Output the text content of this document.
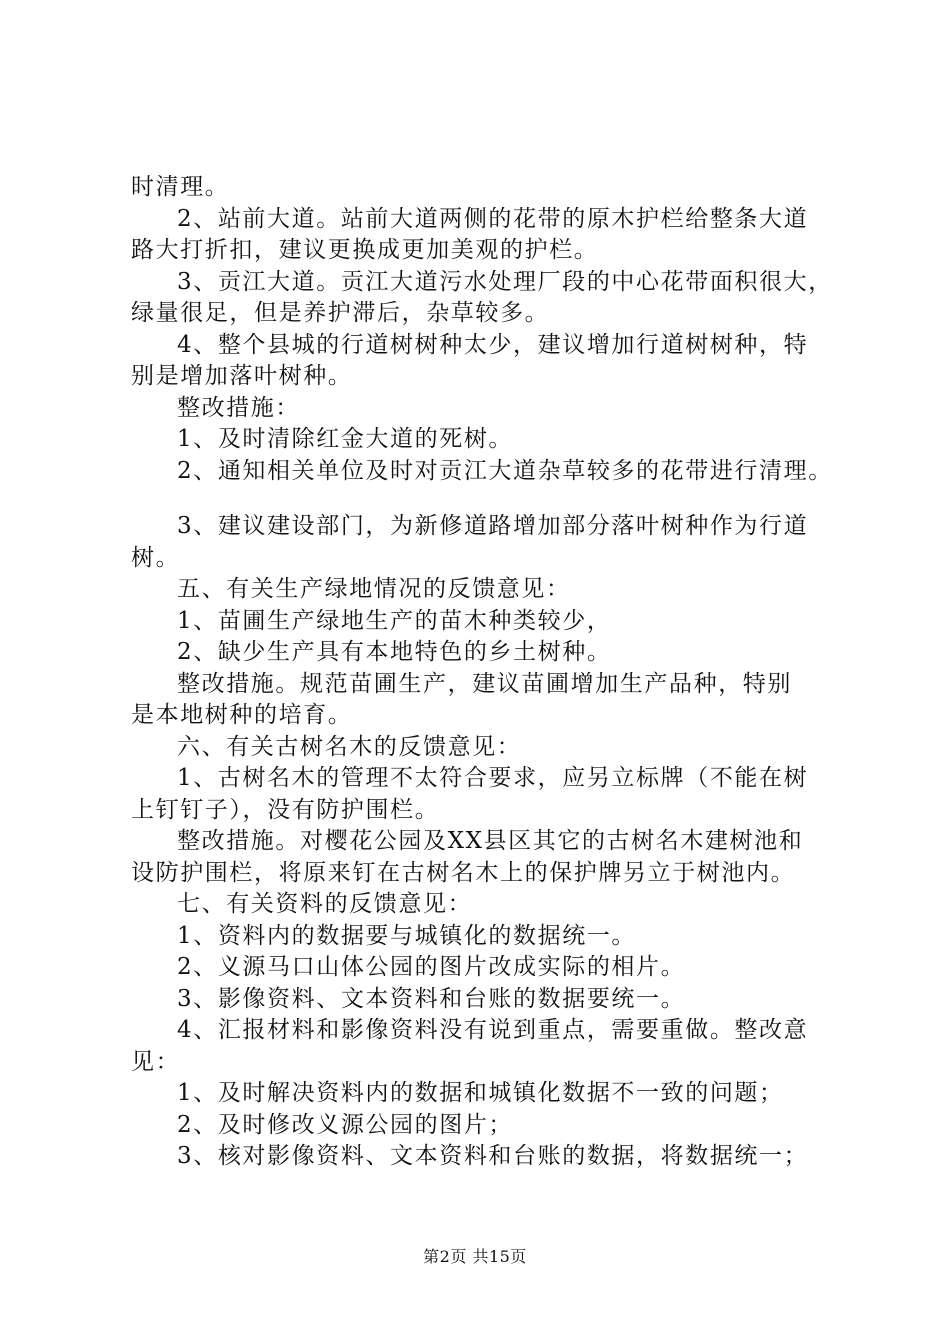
时清理。
2、站前大道。站前大道两侧的花带的原木护栏给整条大道
路大打折扣，建议更换成更加美观的护栏。
3、贡江大道。贡江大道污水处理厂段的中心花带面积很大，
绿量很足，但是养护滞后，杂草较多。
4、整个县城的行道树树种太少，建议增加行道树树种，特
别是增加落叶树种。
整改措施：
1、及时清除红金大道的死树。
2、通知相关单位及时对贡江大道杂草较多的花带进行清理。
3、建议建设部门，为新修道路增加部分落叶树种作为行道
树。
五、有关生产绿地情况的反馈意见：
1、苗圃生产绿地生产的苗木种类较少，
2、缺少生产具有本地特色的乡土树种。
整改措施。规范苗圃生产，建议苗圃增加生产品种，特别
是本地树种的培育。
六、有关古树名木的反馈意见：
1、古树名木的管理不太符合要求，应另立标牌（不能在树
上钉钉子），没有防护围栏。
整改措施。对樱花公园及XX县区其它的古树名木建树池和
设防护围栏，将原来钉在古树名木上的保护牌另立于树池内。
七、有关资料的反馈意见：
1、资料内的数据要与城镇化的数据统一。
2、义源马口山体公园的图片改成实际的相片。
3、影像资料、文本资料和台账的数据要统一。
4、汇报材料和影像资料没有说到重点，需要重做。整改意
见：
1、及时解决资料内的数据和城镇化数据不一致的问题；
2、及时修改义源公园的图片；
3、核对影像资料、文本资料和台账的数据，将数据统一；
第2页 共15页
